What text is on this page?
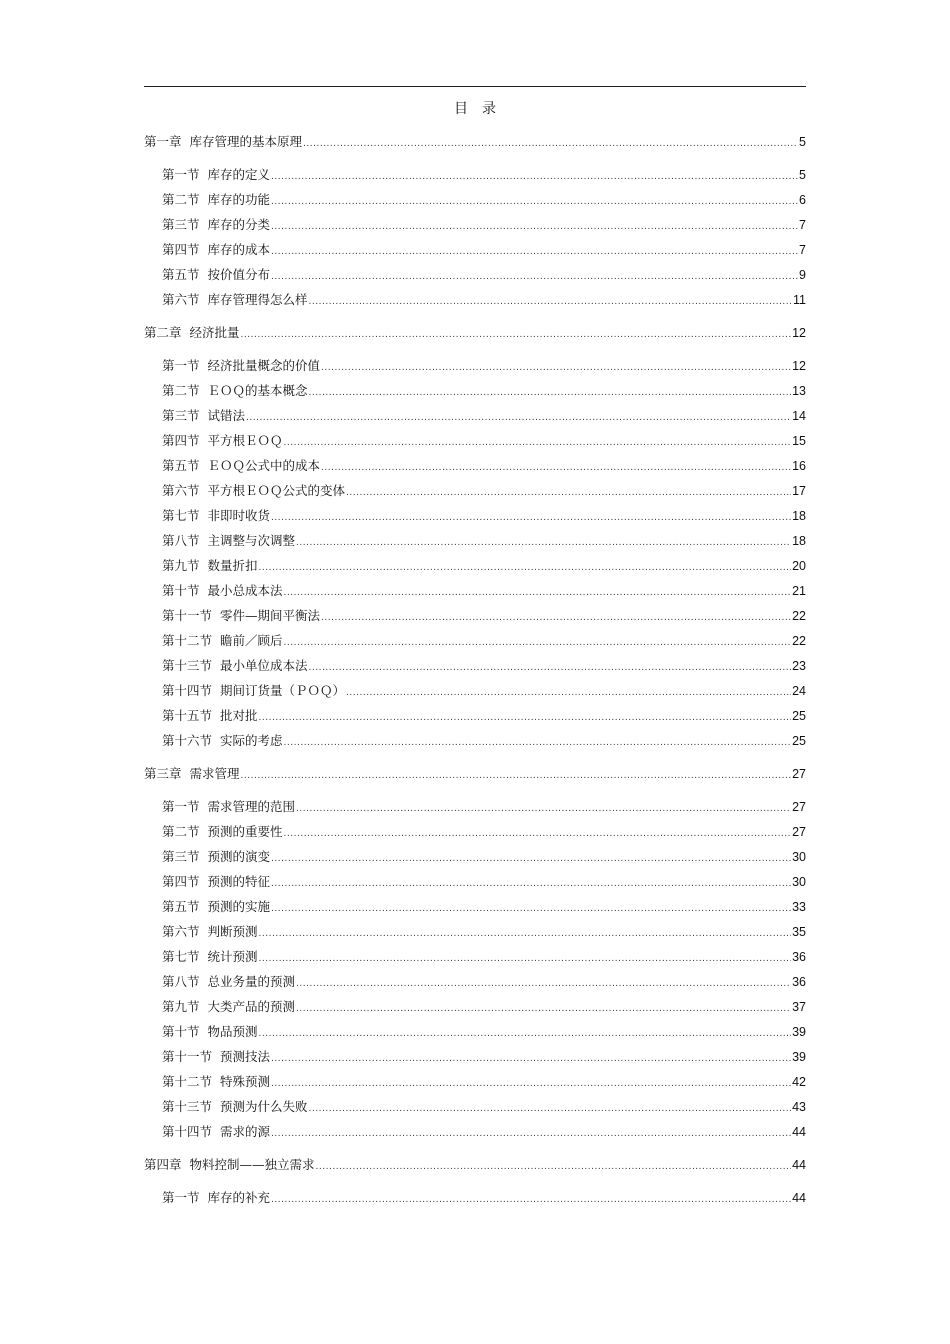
目录
第一章 库存管理的基本原理 .....	5
第一节 库存的定义 .....	5
第二节 库存的功能 .....	6
第三节 库存的分类 .....	7
第四节 库存的成本 .....	7
第五节 按价值分布 .....	9
第六节 库存管理得怎么样 .....	11
第二章 经济批量 .....	12
第一节 经济批量概念的价值 .....	12
第二节 ＥＯＱ的基本概念 .....	13
第三节 试错法 .....	14
第四节 平方根ＥＯＱ .....	15
第五节 ＥＯＱ公式中的成本 .....	16
第六节 平方根ＥＯＱ公式的变体 .....	17
第七节 非即时收货 .....	18
第八节 主调整与次调整 .....	18
第九节 数量折扣 .....	20
第十节 最小总成本法 .....	21
第十一节 零件—期间平衡法 .....	22
第十二节 瞻前／顾后 .....	22
第十三节 最小单位成本法 .....	23
第十四节 期间订货量（ＰＯＱ） .....	24
第十五节 批对批 .....	25
第十六节 实际的考虑 .....	25
第三章 需求管理 .....	27
第一节 需求管理的范围 .....	27
第二节 预测的重要性 .....	27
第三节 预测的演变 .....	30
第四节 预测的特征 .....	30
第五节 预测的实施 .....	33
第六节 判断预测 .....	35
第七节 统计预测 .....	36
第八节 总业务量的预测 .....	36
第九节 大类产品的预测 .....	37
第十节 物品预测 .....	39
第十一节 预测技法 .....	39
第十二节 特殊预测 .....	42
第十三节 预测为什么失败 .....	43
第十四节 需求的源 .....	44
第四章 物料控制——独立需求 .....	44
第一节 库存的补充 .....	44
